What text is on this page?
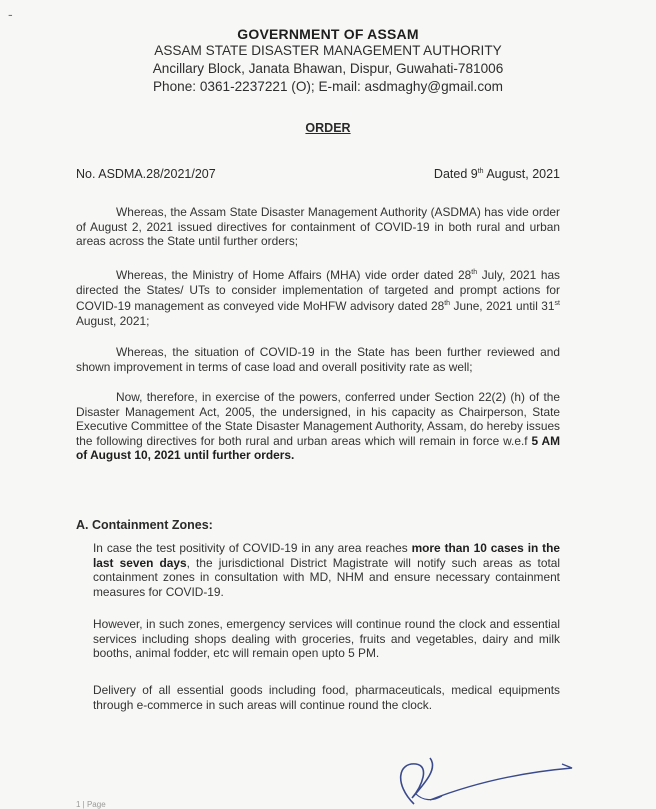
-
GOVERNMENT OF ASSAM
ASSAM STATE DISASTER MANAGEMENT AUTHORITY
Ancillary Block, Janata Bhawan, Dispur, Guwahati-781006
Phone: 0361-2237221 (O); E-mail: asdmaghy@gmail.com
ORDER
No. ASDMA.28/2021/207	Dated 9th August, 2021
Whereas, the Assam State Disaster Management Authority (ASDMA) has vide order of August 2, 2021 issued directives for containment of COVID-19 in both rural and urban areas across the State until further orders;
Whereas, the Ministry of Home Affairs (MHA) vide order dated 28th July, 2021 has directed the States/ UTs to consider implementation of targeted and prompt actions for COVID-19 management as conveyed vide MoHFW advisory dated 28th June, 2021 until 31st August, 2021;
Whereas, the situation of COVID-19 in the State has been further reviewed and shown improvement in terms of case load and overall positivity rate as well;
Now, therefore, in exercise of the powers, conferred under Section 22(2) (h) of the Disaster Management Act, 2005, the undersigned, in his capacity as Chairperson, State Executive Committee of the State Disaster Management Authority, Assam, do hereby issues the following directives for both rural and urban areas which will remain in force w.e.f 5 AM of August 10, 2021 until further orders.
A. Containment Zones:
In case the test positivity of COVID-19 in any area reaches more than 10 cases in the last seven days, the jurisdictional District Magistrate will notify such areas as total containment zones in consultation with MD, NHM and ensure necessary containment measures for COVID-19.
However, in such zones, emergency services will continue round the clock and essential services including shops dealing with groceries, fruits and vegetables, dairy and milk booths, animal fodder, etc will remain open upto 5 PM.
Delivery of all essential goods including food, pharmaceuticals, medical equipments through e-commerce in such areas will continue round the clock.
1 | Page
